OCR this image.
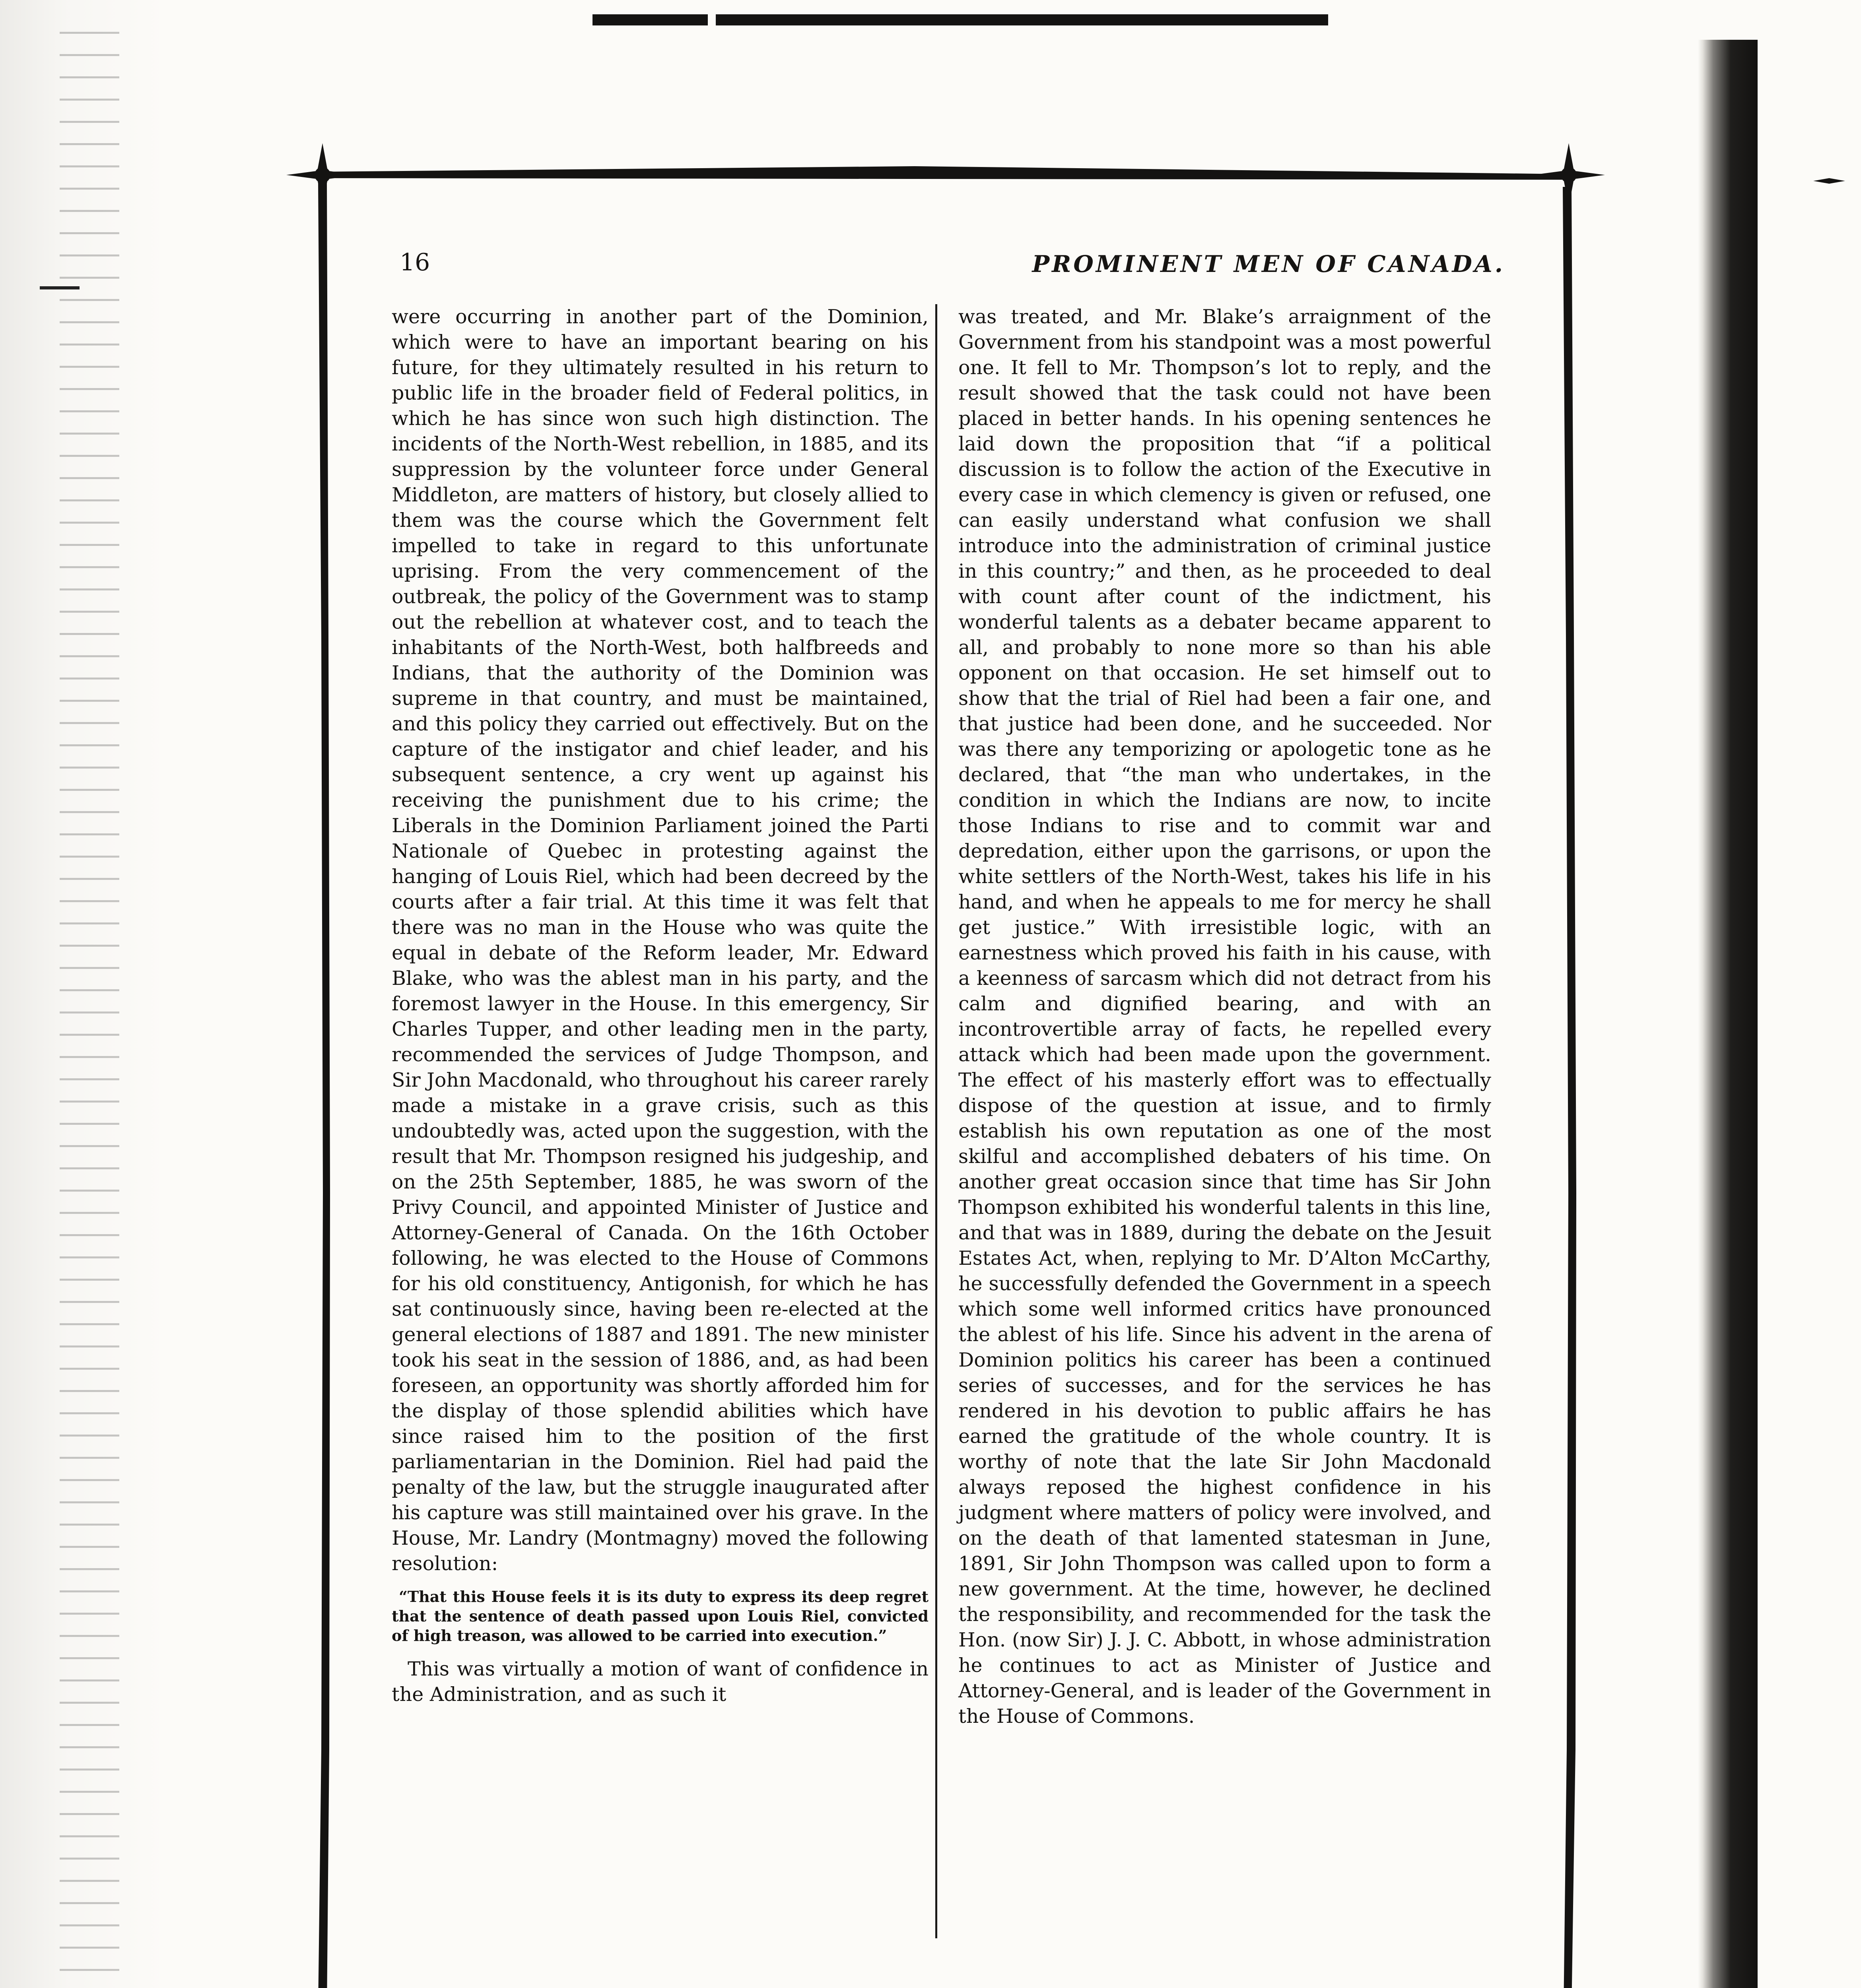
16	PROMINENT MEN OF CANADA.

were occurring in another part of the Dominion, which were to have an important bearing on his future, for they ultimately resulted in his return to public life in the broader field of Federal politics, in which he has since won such high distinction. The incidents of the North-West rebellion, in 1885, and its suppression by the volunteer force under General Middleton, are matters of history, but closely allied to them was the course which the Government felt impelled to take in regard to this unfortunate uprising. From the very commencement of the outbreak, the policy of the Government was to stamp out the rebellion at whatever cost, and to teach the inhabitants of the North-West, both halfbreeds and Indians, that the authority of the Dominion was supreme in that country, and must be maintained, and this policy they carried out effectively. But on the capture of the instigator and chief leader, and his subsequent sentence, a cry went up against his receiving the punishment due to his crime; the Liberals in the Dominion Parliament joined the Parti Nationale of Quebec in protesting against the hanging of Louis Riel, which had been decreed by the courts after a fair trial. At this time it was felt that there was no man in the House who was quite the equal in debate of the Reform leader, Mr. Edward Blake, who was the ablest man in his party, and the foremost lawyer in the House. In this emergency, Sir Charles Tupper, and other leading men in the party, recommended the services of Judge Thompson, and Sir John Macdonald, who throughout his career rarely made a mistake in a grave crisis, such as this undoubtedly was, acted upon the suggestion, with the result that Mr. Thompson resigned his judgeship, and on the 25th September, 1885, he was sworn of the Privy Council, and appointed Minister of Justice and Attorney-General of Canada. On the 16th October following, he was elected to the House of Commons for his old constituency, Antigonish, for which he has sat continuously since, having been re-elected at the general elections of 1887 and 1891. The new minister took his seat in the session of 1886, and, as had been foreseen, an opportunity was shortly afforded him for the display of those splendid abilities which have since raised him to the position of the first parliamentarian in the Dominion. Riel had paid the penalty of the law, but the struggle inaugurated after his capture was still maintained over his grave. In the House, Mr. Landry (Montmagny) moved the following resolution:

“That this House feels it is its duty to express its deep regret that the sentence of death passed upon Louis Riel, convicted of high treason, was allowed to be carried into execution.”

This was virtually a motion of want of confidence in the Administration, and as such it

was treated, and Mr. Blake’s arraignment of the Government from his standpoint was a most powerful one. It fell to Mr. Thompson’s lot to reply, and the result showed that the task could not have been placed in better hands. In his opening sentences he laid down the proposition that “if a political discussion is to follow the action of the Executive in every case in which clemency is given or refused, one can easily understand what confusion we shall introduce into the administration of criminal justice in this country;” and then, as he proceeded to deal with count after count of the indictment, his wonderful talents as a debater became apparent to all, and probably to none more so than his able opponent on that occasion. He set himself out to show that the trial of Riel had been a fair one, and that justice had been done, and he succeeded. Nor was there any temporizing or apologetic tone as he declared, that “the man who undertakes, in the condition in which the Indians are now, to incite those Indians to rise and to commit war and depredation, either upon the garrisons, or upon the white settlers of the North-West, takes his life in his hand, and when he appeals to me for mercy he shall get justice.” With irresistible logic, with an earnestness which proved his faith in his cause, with a keenness of sarcasm which did not detract from his calm and dignified bearing, and with an incontrovertible array of facts, he repelled every attack which had been made upon the government. The effect of his masterly effort was to effectually dispose of the question at issue, and to firmly establish his own reputation as one of the most skilful and accomplished debaters of his time. On another great occasion since that time has Sir John Thompson exhibited his wonderful talents in this line, and that was in 1889, during the debate on the Jesuit Estates Act, when, replying to Mr. D’Alton McCarthy, he successfully defended the Government in a speech which some well informed critics have pronounced the ablest of his life. Since his advent in the arena of Dominion politics his career has been a continued series of successes, and for the services he has rendered in his devotion to public affairs he has earned the gratitude of the whole country. It is worthy of note that the late Sir John Macdonald always reposed the highest confidence in his judgment where matters of policy were involved, and on the death of that lamented statesman in June, 1891, Sir John Thompson was called upon to form a new government. At the time, however, he declined the responsibility, and recommended for the task the Hon. (now Sir) J. J. C. Abbott, in whose administration he continues to act as Minister of Justice and Attorney-General, and is leader of the Government in the House of Commons.
